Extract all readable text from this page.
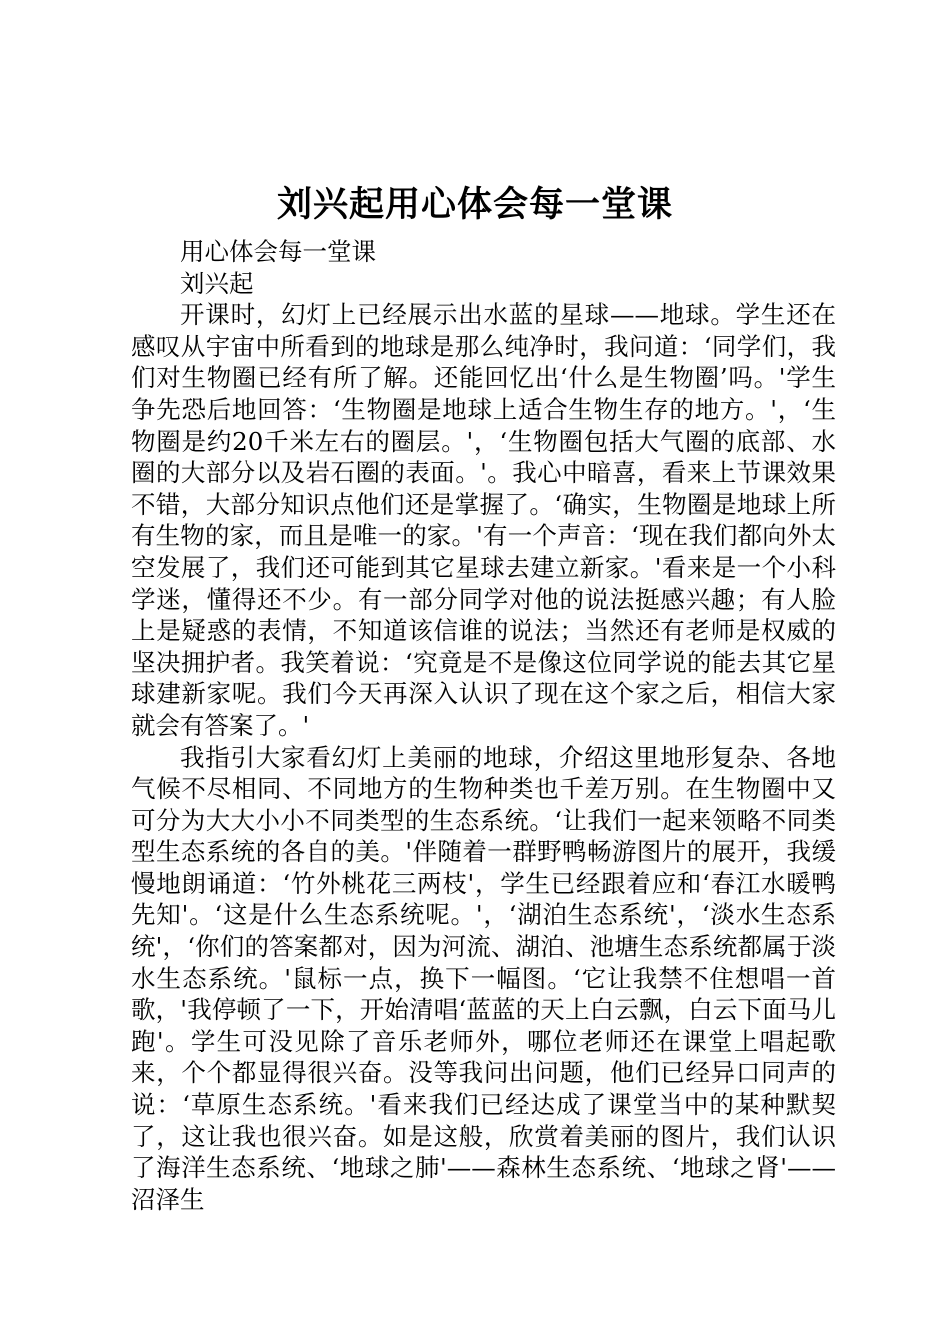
刘兴起用心体会每一堂课

用心体会每一堂课

刘兴起

开课时，幻灯上已经展示出水蓝的星球——地球。学生还在感叹从宇宙中所看到的地球是那么纯净时，我问道：‘同学们，我们对生物圈已经有所了解。还能回忆出‘什么是生物圈’吗。'学生争先恐后地回答：‘生物圈是地球上适合生物生存的地方。'，‘生物圈是约20千米左右的圈层。'，‘生物圈包括大气圈的底部、水圈的大部分以及岩石圈的表面。'。我心中暗喜，看来上节课效果不错，大部分知识点他们还是掌握了。‘确实，生物圈是地球上所有生物的家，而且是唯一的家。'有一个声音：‘现在我们都向外太空发展了，我们还可能到其它星球去建立新家。'看来是一个小科学迷，懂得还不少。有一部分同学对他的说法挺感兴趣；有人脸上是疑惑的表情，不知道该信谁的说法；当然还有老师是权威的坚决拥护者。我笑着说：‘究竟是不是像这位同学说的能去其它星球建新家呢。我们今天再深入认识了现在这个家之后，相信大家就会有答案了。'

我指引大家看幻灯上美丽的地球，介绍这里地形复杂、各地气候不尽相同、不同地方的生物种类也千差万别。在生物圈中又可分为大大小小不同类型的生态系统。‘让我们一起来领略不同类型生态系统的各自的美。'伴随着一群野鸭畅游图片的展开，我缓慢地朗诵道：‘竹外桃花三两枝'，学生已经跟着应和‘春江水暖鸭先知'。‘这是什么生态系统呢。'，‘湖泊生态系统'，‘淡水生态系统'，‘你们的答案都对，因为河流、湖泊、池塘生态系统都属于淡水生态系统。'鼠标一点，换下一幅图。‘它让我禁不住想唱一首歌，'我停顿了一下，开始清唱‘蓝蓝的天上白云飘，白云下面马儿跑'。学生可没见除了音乐老师外，哪位老师还在课堂上唱起歌来，个个都显得很兴奋。没等我问出问题，他们已经异口同声的说：‘草原生态系统。'看来我们已经达成了课堂当中的某种默契了，这让我也很兴奋。如是这般，欣赏着美丽的图片，我们认识了海洋生态系统、‘地球之肺'——森林生态系统、‘地球之肾'——沼泽生
